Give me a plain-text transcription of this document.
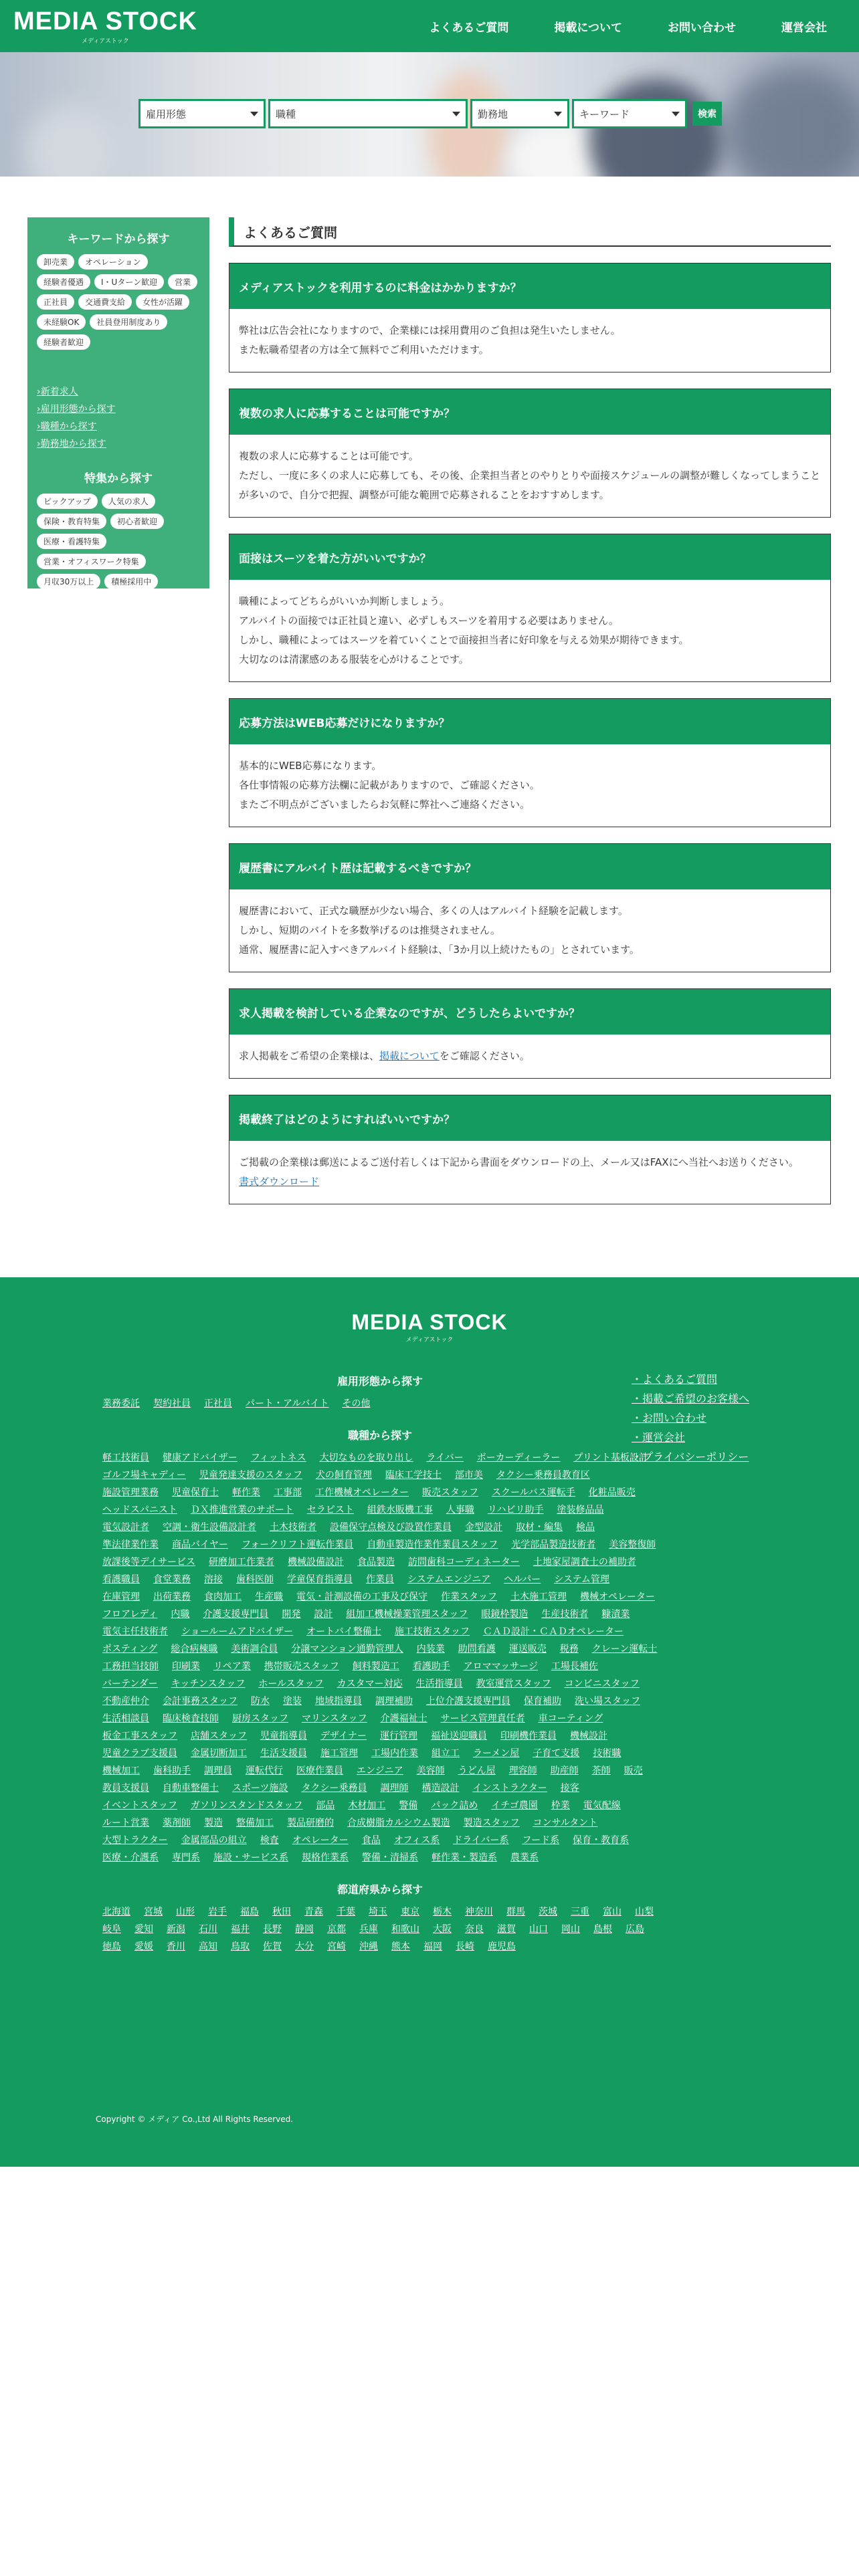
MEDIA STOCK
メディアストック
よくあるご質問	掲載について	お問い合わせ	運営会社
雇用形態	職種	勤務地	キーワード	検索
キーワードから探す
卸売業	オペレーション
経験者優遇	I・Uターン歓迎	営業
正社員	交通費支給	女性が活躍
未経験OK	社員登用制度あり
経験者歓迎
›新着求人
›雇用形態から探す
›職種から探す
›勤務地から探す
特集から探す
ピックアップ	人気の求人
保険・教育特集	初心者歓迎
医療・看護特集
営業・オフィスワーク特集
月収30万以上	積極採用中
よくあるご質問
メディアストックを利用するのに料金はかかりますか？
弊社は広告会社になりますので、企業様には採用費用のご負担は発生いたしません。
また転職希望者の方は全て無料でご利用いただけます。
複数の求人に応募することは可能ですか？
複数の求人に応募することは可能です。
ただし、一度に多くの求人に応募しても、その後、企業担当者とのやりとりや面接スケジュールの調整が難しくなってしまうことが多いので、自分で把握、調整が可能な範囲で応募されることをおすすめします。
面接はスーツを着た方がいいですか？
職種によってどちらがいいか判断しましょう。
アルバイトの面接では正社員と違い、必ずしもスーツを着用する必要はありません。
しかし、職種によってはスーツを着ていくことで面接担当者に好印象を与える効果が期待できます。
大切なのは清潔感のある服装を心がけることです。
応募方法はWEB応募だけになりますか？
基本的にWEB応募になります。
各仕事情報の応募方法欄に記載がありますので、ご確認ください。
またご不明点がございましたらお気軽に弊社へご連絡ください。
履歴書にアルバイト歴は記載するべきですか？
履歴書において、正式な職歴が少ない場合、多くの人はアルバイト経験を記載します。
しかし、短期のバイトを多数挙げるのは推奨されません。
通常、履歴書に記入すべきアルバイト経験は、「3か月以上続けたもの」とされています。
求人掲載を検討している企業なのですが、どうしたらよいですか？
求人掲載をご希望の企業様は、掲載についてをご確認ください。
掲載終了はどのようにすればいいですか？
ご掲載の企業様は郵送によるご送付若しくは下記から書面をダウンロードの上、メール又はFAXにへ当社へお送りください。
書式ダウンロード
MEDIA STOCK
メディアストック
雇用形態から探す
業務委託 契約社員 正社員 パート・アルバイト その他
職種から探す
軽工技術員 健康アドバイザー フィットネス 大切なものを取り出し ライバー ボーカーディーラー プリント基板設計
ゴルフ場キャディー 児童発達支援のスタッフ 犬の飼育管理 臨床工学技士 部市美 タクシー乗務員教育区
施設管理業務 児童保育士 軽作業 工事部 工作機械オペレーター 販売スタッフ スクールバス運転手 化粧品販売
ヘッドスパニスト ＤＸ推進営業のサポート セラピスト 組鉄水販機工事 人事職 リハビリ助手 塗装修品品
電気設計者 空調・衛生設備設計者 土木技術者 設備保守点検及び設置作業員 金型設計 取材・編集 検品
準法律業作業 商品バイヤー フォークリフト運転作業員 自動車製造作業作業員スタッフ 光学部品製造技術者 美容整復師
放課後等デイサービス 研磨加工作業者 機械設備設計 食品製造 訪問歯科コーディネーター 土地家屋調査士の補助者
看護職員 食堂業務 溶接 歯科医師 学童保育指導員 作業員 システムエンジニア ヘルパー システム管理
在庫管理 出荷業務 食肉加工 生産職 電気・計測設備の工事及び保守 作業スタッフ 土木施工管理 機械オペレーター
フロアレディ 内職 介護支援専門員 開発 設計 組加工機械操業管理スタッフ 眼鏡枠製造 生産技術者 糠漬業
電気主任技術者 ショールームアドバイザー オートバイ整備士 施工技術スタッフ ＣＡＤ設計・ＣＡＤオペレーター
ポスティング 総合病棟職 美術調合員 分譲マンション通勤管理人 内装業 助問看護 運送販売 税務 クレーン運転士
工務担当技師 印刷業 リペア業 携帯販売スタッフ 飼料製造工 看護助手 アロママッサージ 工場長補佐
バーテンダー キッチンスタッフ ホールスタッフ カスタマー対応 生活指導員 教室運営スタッフ コンビニスタッフ
不動産仲介 会計事務スタッフ 防水 塗装 地域指導員 調理補助 上位介護支援専門員 保育補助 洗い場スタッフ
生活相談員 臨床検査技師 厨房スタッフ マリンスタッフ 介護福祉士 サービス管理責任者 車コーティング
板金工事スタッフ 店舗スタッフ 児童指導員 デザイナー 運行管理 福祉送迎職員 印刷機作業員 機械設計
児童クラブ支援員 金属切断加工 生活支援員 施工管理 工場内作業 組立工 ラーメン屋 子育て支援 技術職
機械加工 歯科助手 調理員 運転代行 医療作業員 エンジニア 美容師 うどん屋 理容師 助産師 茶師 販売
教員支援員 自動車整備士 スポーツ施設 タクシー乗務員 調理師 構造設計 インストラクター 接客
イベントスタッフ ガソリンスタンドスタッフ 部品 木材加工 警備 パック詰め イチゴ農園 枠業 電気配線
ルート営業 薬剤師 製造 整備加工 製品研磨的 合成樹脂カルシウム製造 製造スタッフ コンサルタント
大型トラクター 金属部品の組立 検査 オペレーター 食品 オフィス系 ドライバー系 フード系 保育・教育系
医療・介護系 専門系 施設・サービス系 規格作業系 警備・清掃系 軽作業・製造系 農業系
都道府県から探す
北海道 宮城 山形 岩手 福島 秋田 青森 千葉 埼玉 東京 栃木 神奈川 群馬 茨城 三重 富山 山梨
岐阜 愛知 新潟 石川 福井 長野 静岡 京都 兵庫 和歌山 大阪 奈良 滋賀 山口 岡山 島根 広島
徳島 愛媛 香川 高知 鳥取 佐賀 大分 宮崎 沖縄 熊本 福岡 長崎 鹿児島
・よくあるご質問
・掲載ご希望のお客様へ
・お問い合わせ
・運営会社
・プライバシーポリシー
Copyright © メディア Co.,Ltd All Rights Reserved.
